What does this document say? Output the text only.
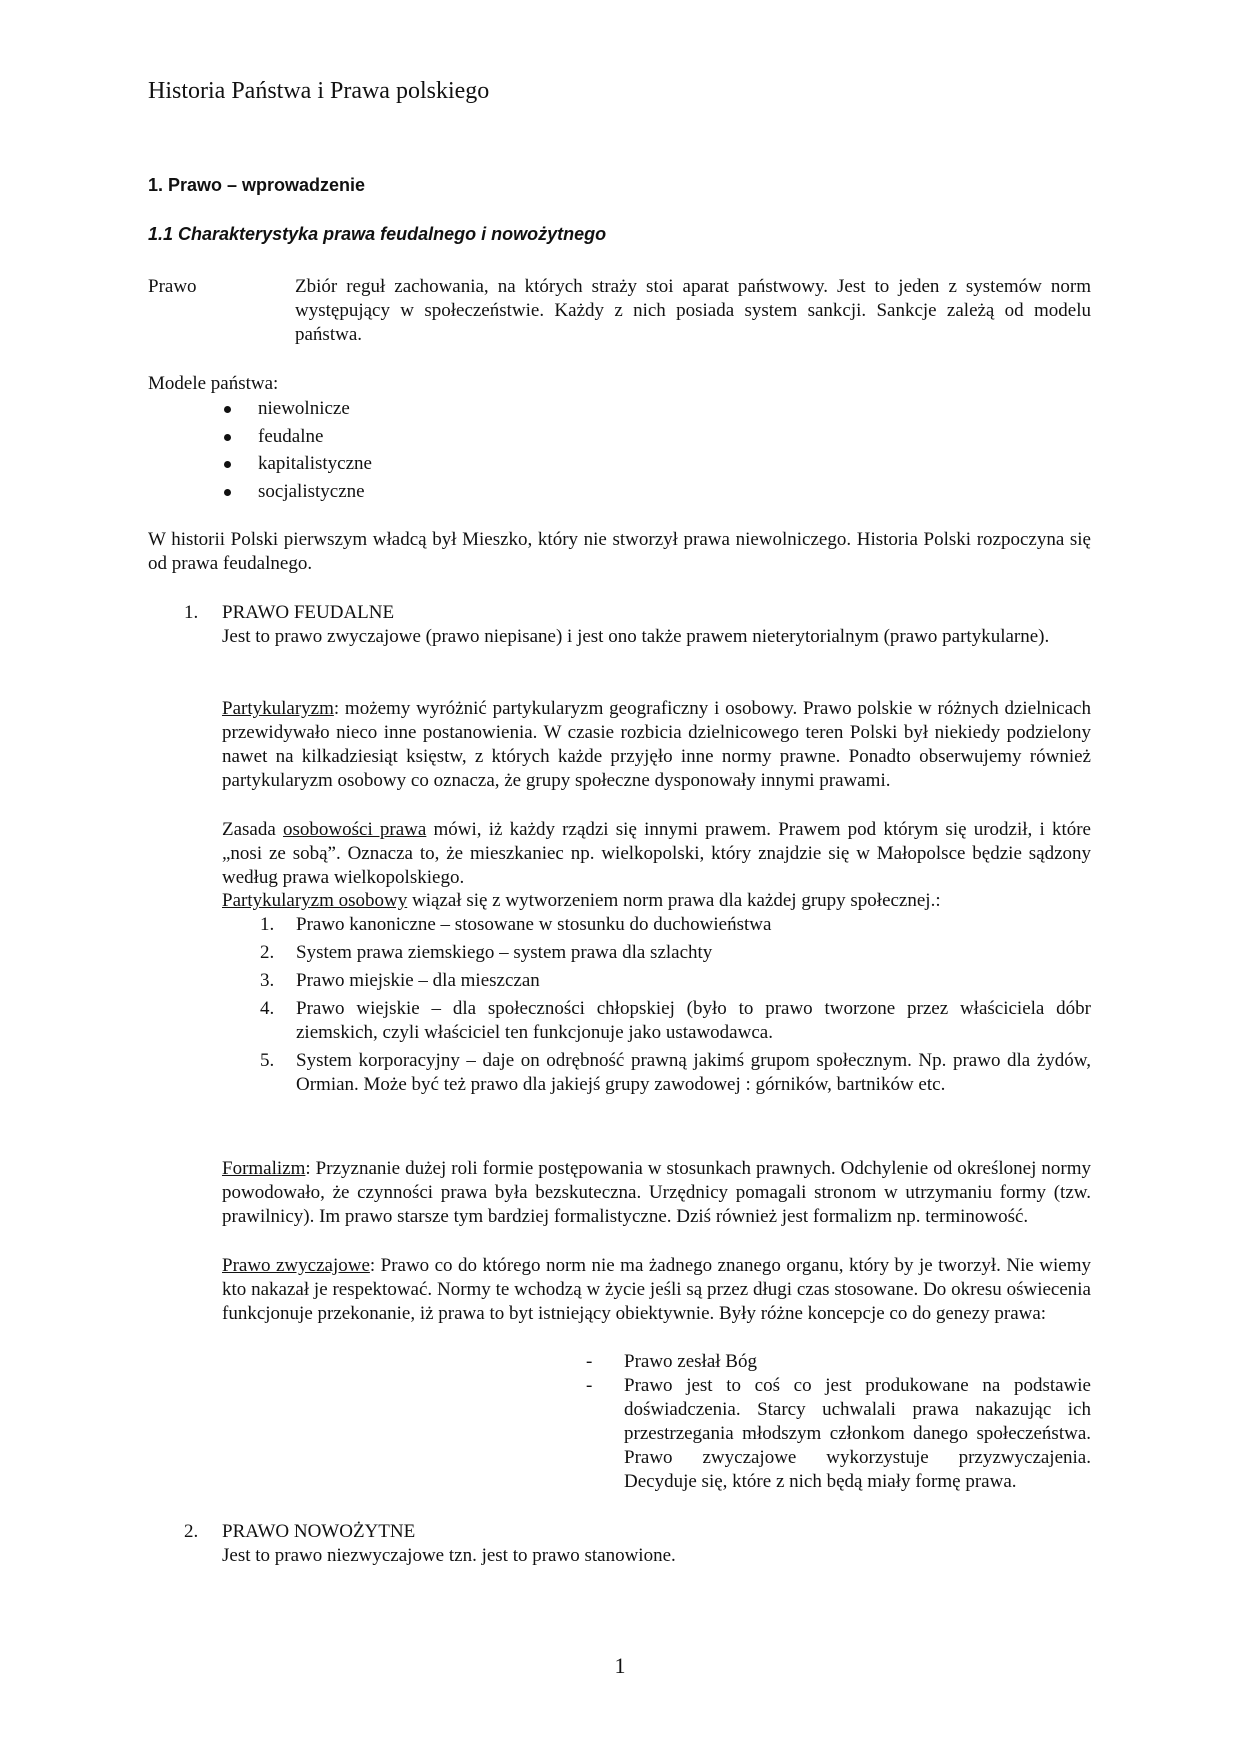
Historia Państwa i Prawa polskiego
1. Prawo – wprowadzenie
1.1 Charakterystyka prawa feudalnego i nowożytnego
Prawo	Zbiór reguł zachowania, na których straży stoi aparat państwowy. Jest to jeden z systemów norm występujący w społeczeństwie. Każdy z nich posiada system sankcji. Sankcje zależą od modelu państwa.
Modele państwa:
niewolnicze
feudalne
kapitalistyczne
socjalistyczne
W historii Polski pierwszym władcą był Mieszko, który nie stworzył prawa niewolniczego. Historia Polski rozpoczyna się od prawa feudalnego.
1. PRAWO FEUDALNE
Jest to prawo zwyczajowe (prawo niepisane) i jest ono także prawem nieterytorialnym (prawo partykularne).
Partykularyzm: możemy wyróżnić partykularyzm geograficzny i osobowy. Prawo polskie w różnych dzielnicach przewidywało nieco inne postanowienia. W czasie rozbicia dzielnicowego teren Polski był niekiedy podzielony nawet na kilkadziesiąt księstw, z których każde przyjęło inne normy prawne. Ponadto obserwujemy również partykularyzm osobowy co oznacza, że grupy społeczne dysponowały innymi prawami.
Zasada osobowości prawa mówi, iż każdy rządzi się innymi prawem. Prawem pod którym się urodził, i które „nosi ze sobą”. Oznacza to, że mieszkaniec np. wielkopolski, który znajdzie się w Małopolsce będzie sądzony według prawa wielkopolskiego.
Partykularyzm osobowy wiązał się z wytworzeniem norm prawa dla każdej grupy społecznej.:
1.	Prawo kanoniczne – stosowane w stosunku do duchowieństwa
2.	System prawa ziemskiego – system prawa dla szlachty
3.	Prawo miejskie – dla mieszczan
4.	Prawo wiejskie – dla społeczności chłopskiej (było to prawo tworzone przez właściciela dóbr ziemskich, czyli właściciel ten funkcjonuje jako ustawodawca.
5.	System korporacyjny – daje on odrębność prawną jakimś grupom społecznym. Np. prawo dla żydów, Ormian. Może być też prawo dla jakiejś grupy zawodowej : górników, bartników etc.
Formalizm: Przyznanie dużej roli formie postępowania w stosunkach prawnych. Odchylenie od określonej normy powodowało, że czynności prawa była bezskuteczna. Urzędnicy pomagali stronom w utrzymaniu formy (tzw. prawilnicy). Im prawo starsze tym bardziej formalistyczne. Dziś również jest formalizm np. terminowość.
Prawo zwyczajowe: Prawo co do którego norm nie ma żadnego znanego organu, który by je tworzył. Nie wiemy kto nakazał je respektować. Normy te wchodzą w życie jeśli są przez długi czas stosowane. Do okresu oświecenia funkcjonuje przekonanie, iż prawa to byt istniejący obiektywnie. Były różne koncepcje co do genezy prawa:
- Prawo zesłał Bóg
- Prawo jest to coś co jest produkowane na podstawie doświadczenia. Starcy uchwalali prawa nakazując ich przestrzegania młodszym członkom danego społeczeństwa. Prawo zwyczajowe wykorzystuje przyzwyczajenia. Decyduje się, które z nich będą miały formę prawa.
2. PRAWO NOWOŻYTNE
Jest to prawo niezwyczajowe tzn. jest to prawo stanowione.
1
